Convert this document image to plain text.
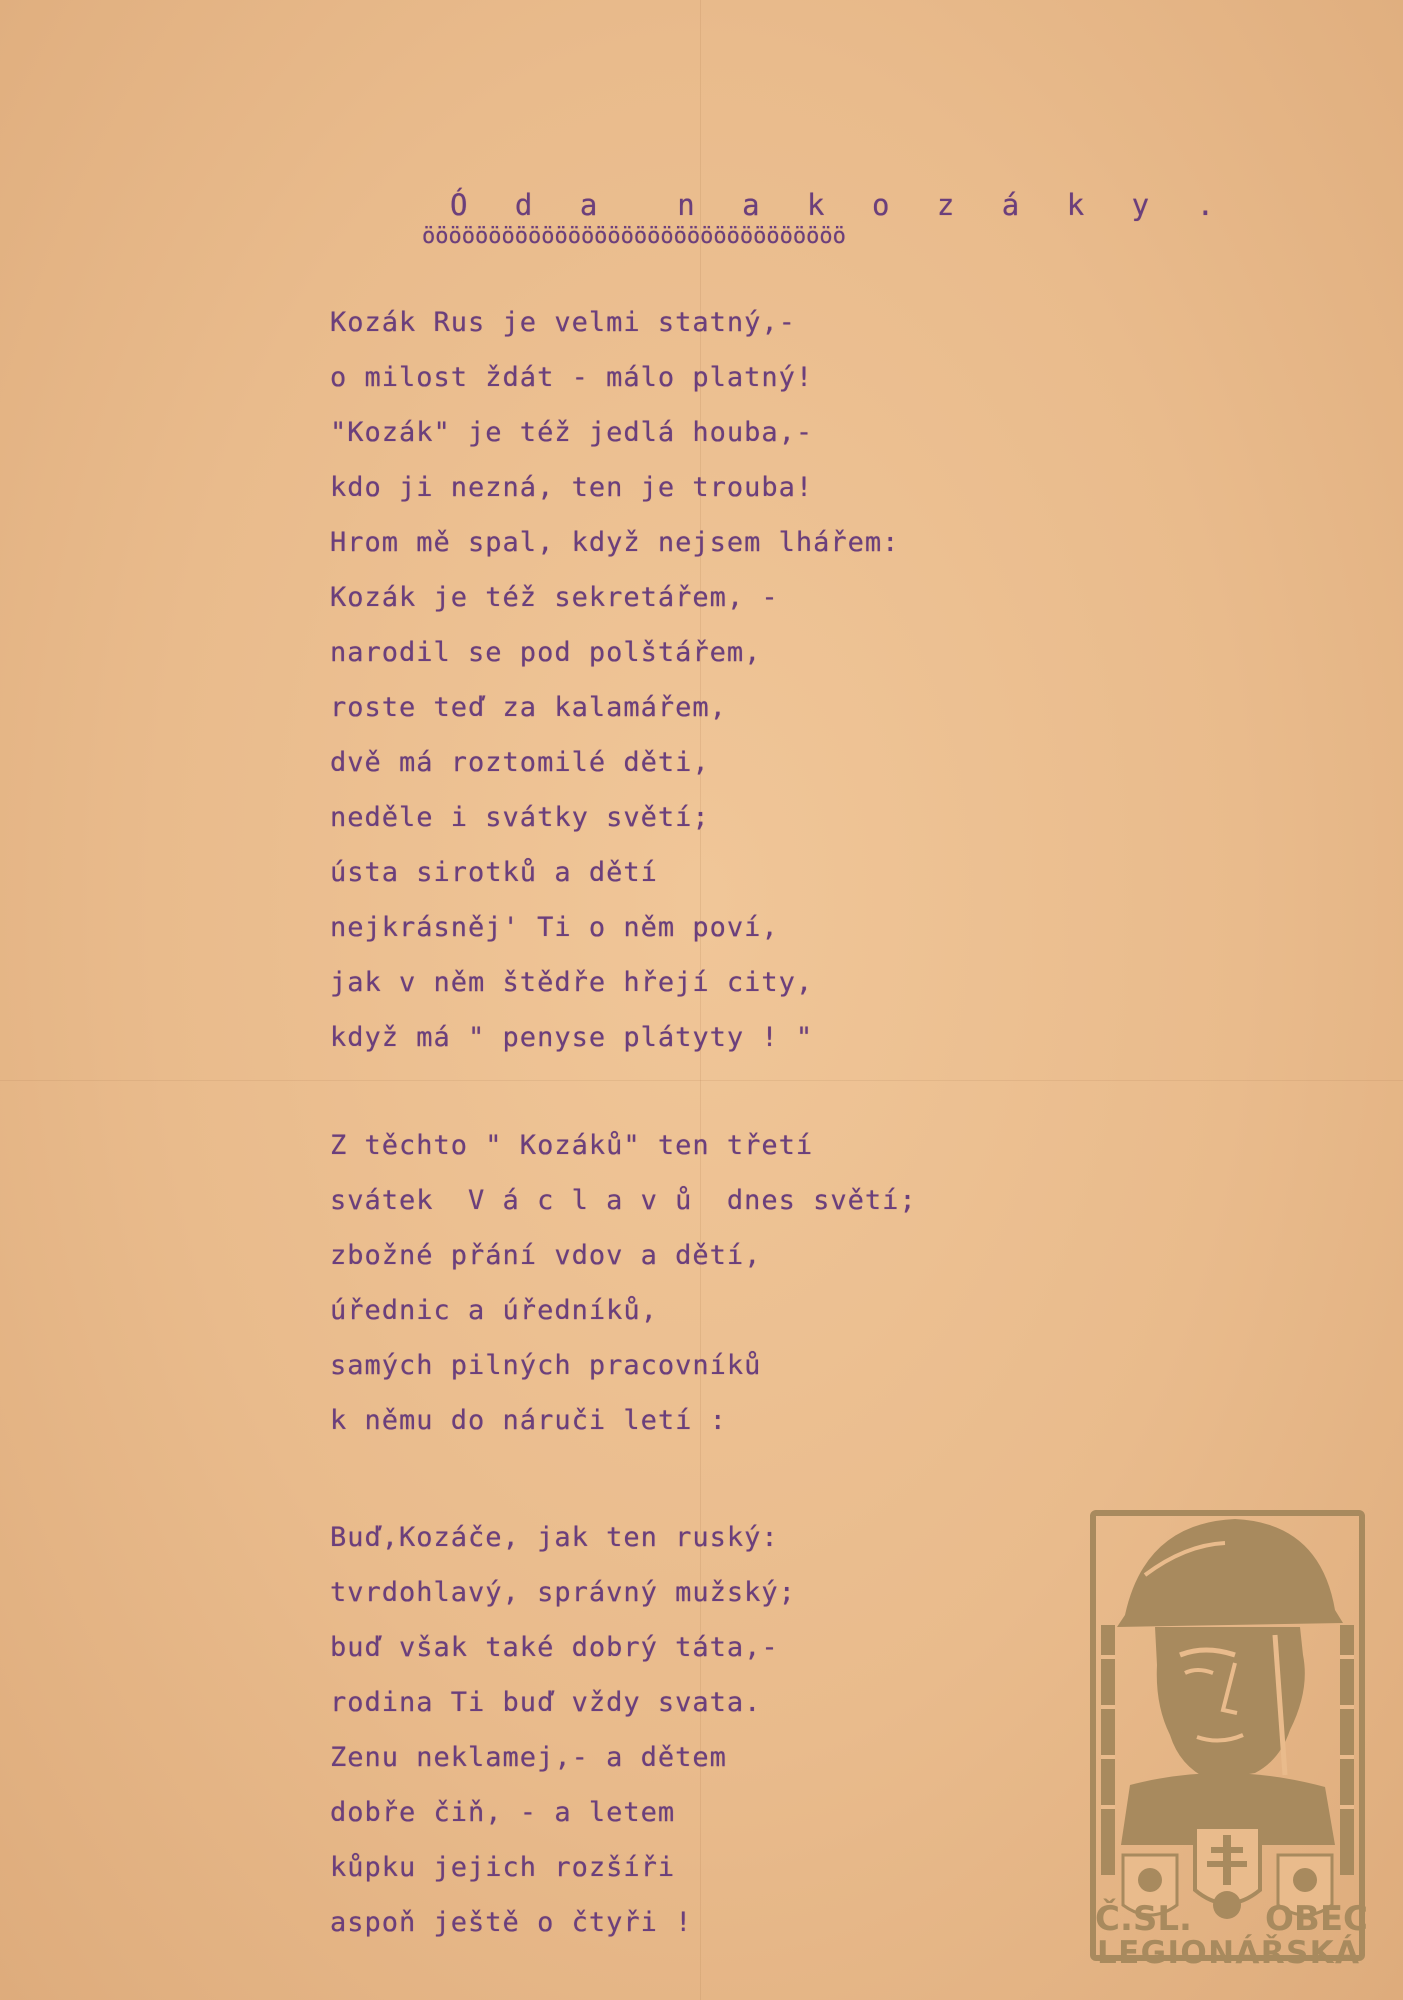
Ó d a  n a k o z á k y .
öööööööööööööööööööööööööööööööö
Kozák Rus je velmi statný,-
o milost ždát - málo platný!
"Kozák" je též jedlá houba,-
kdo ji nezná, ten je trouba!
Hrom mě spal, když nejsem lhářem:
Kozák je též sekretářem, -
narodil se pod polštářem,
roste teď za kalamářem,
dvě má roztomilé děti,
neděle i svátky světí;
ústa sirotků a dětí
nejkrásněj' Ti o něm poví,
jak v něm štědře hřejí city,
když má " penyse plátyty ! "
Z těchto " Kozáků" ten třetí
svátek  V á c l a v ů  dnes světí;
zbožné přání vdov a dětí,
úřednic a úředníků,
samých pilných pracovníků
k němu do náruči letí :
Buď,Kozáče, jak ten ruský:
tvrdohlavý, správný mužský;
buď však také dobrý táta,-
rodina Ti buď vždy svata.
Zenu neklamej,- a dětem
dobře čiň, - a letem
kůpku jejich rozšíři
aspoň ještě o čtyři !	Č.SL. OBEC
LEGIONÁŘSKÁ
